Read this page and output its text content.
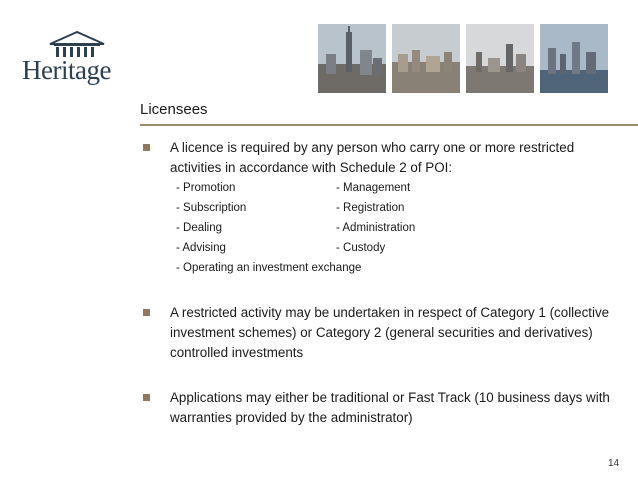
Heritage
Licensees
A licence is required by any person who carry one or more restricted activities in accordance with Schedule 2 of POI:
- Promotion
- Subscription
- Dealing
- Advising
- Operating an investment exchange
- Management
- Registration
- Administration
- Custody
A restricted activity may be undertaken in respect of Category 1 (collective investment schemes) or Category 2 (general securities and derivatives) controlled investments
Applications may either be traditional or Fast Track (10 business days with warranties provided by the administrator)
14
